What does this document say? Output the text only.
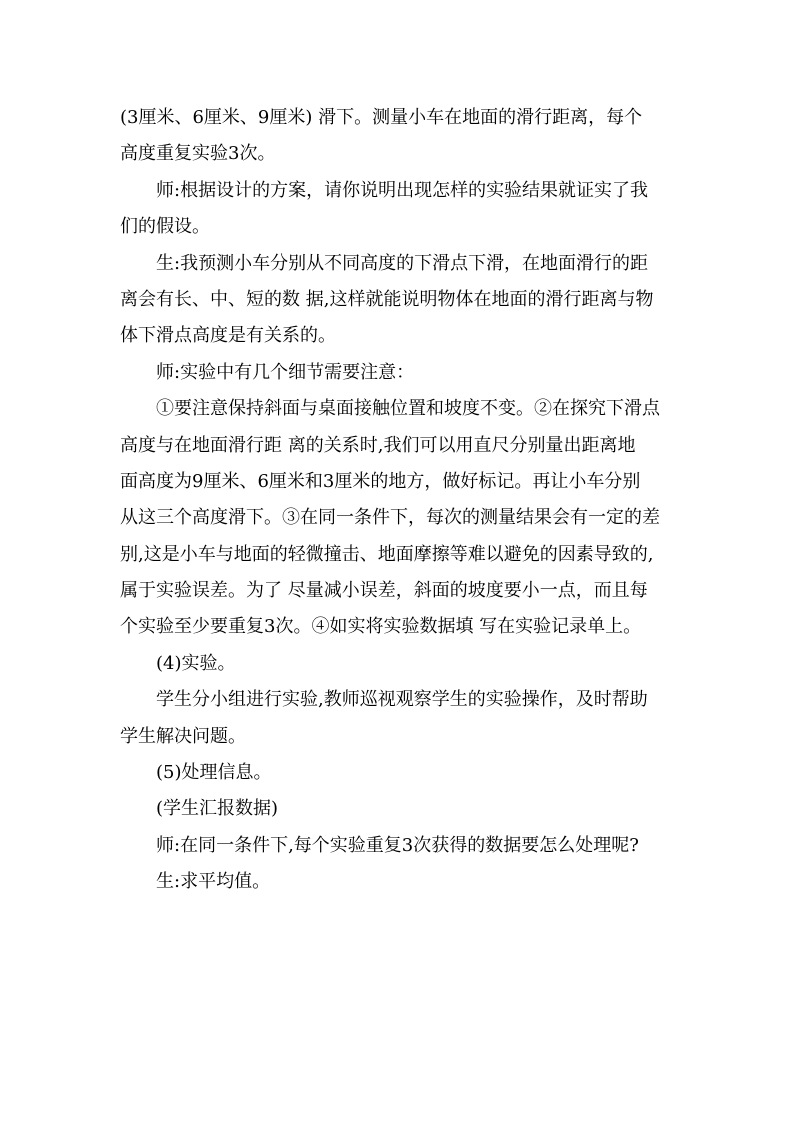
(3厘米、6厘米、9厘米) 滑下。测量小车在地面的滑行距离，每个
高度重复实验3次。
师:根据设计的方案，请你说明出现怎样的实验结果就证实了我
们的假设。
生:我预测小车分别从不同高度的下滑点下滑，在地面滑行的距
离会有长、中、短的数 据,这样就能说明物体在地面的滑行距离与物
体下滑点高度是有关系的。
师:实验中有几个细节需要注意：
①要注意保持斜面与桌面接触位置和坡度不变。②在探究下滑点
高度与在地面滑行距 离的关系时,我们可以用直尺分别量出距离地
面高度为9厘米、6厘米和3厘米的地方，做好标记。再让小车分别
从这三个高度滑下。③在同一条件下，每次的测量结果会有一定的差
别,这是小车与地面的轻微撞击、地面摩擦等难以避免的因素导致的,
属于实验误差。为了 尽量减小误差，斜面的坡度要小一点，而且每
个实验至少要重复3次。④如实将实验数据填 写在实验记录单上。
(4)实验。
学生分小组进行实验,教师巡视观察学生的实验操作，及时帮助
学生解决问题。
(5)处理信息。
(学生汇报数据)
师:在同一条件下,每个实验重复3次获得的数据要怎么处理呢?
生:求平均值。
